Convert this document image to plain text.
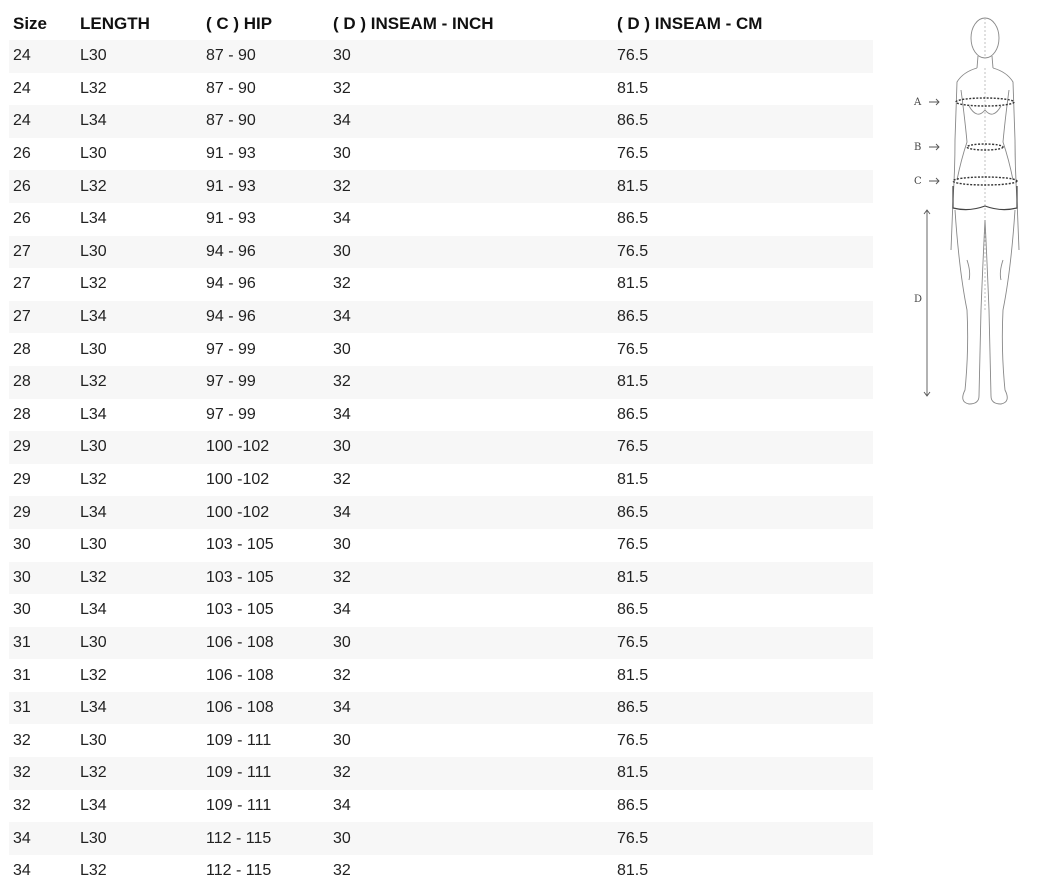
Size	LENGTH	( C ) HIP	( D ) INSEAM - INCH	( D ) INSEAM - CM
24	L30	87 - 90	30	76.5
24	L32	87 - 90	32	81.5
24	L34	87 - 90	34	86.5
26	L30	91 - 93	30	76.5
26	L32	91 - 93	32	81.5
26	L34	91 - 93	34	86.5
27	L30	94 - 96	30	76.5
27	L32	94 - 96	32	81.5
27	L34	94 - 96	34	86.5
28	L30	97 - 99	30	76.5
28	L32	97 - 99	32	81.5
28	L34	97 - 99	34	86.5
29	L30	100 -102	30	76.5
29	L32	100 -102	32	81.5
29	L34	100 -102	34	86.5
30	L30	103 - 105	30	76.5
30	L32	103 - 105	32	81.5
30	L34	103 - 105	34	86.5
31	L30	106 - 108	30	76.5
31	L32	106 - 108	32	81.5
31	L34	106 - 108	34	86.5
32	L30	109 - 111	30	76.5
32	L32	109 - 111	32	81.5
32	L34	109 - 111	34	86.5
34	L30	112 - 115	30	76.5
34	L32	112 - 115	32	81.5
A
B
C
D
